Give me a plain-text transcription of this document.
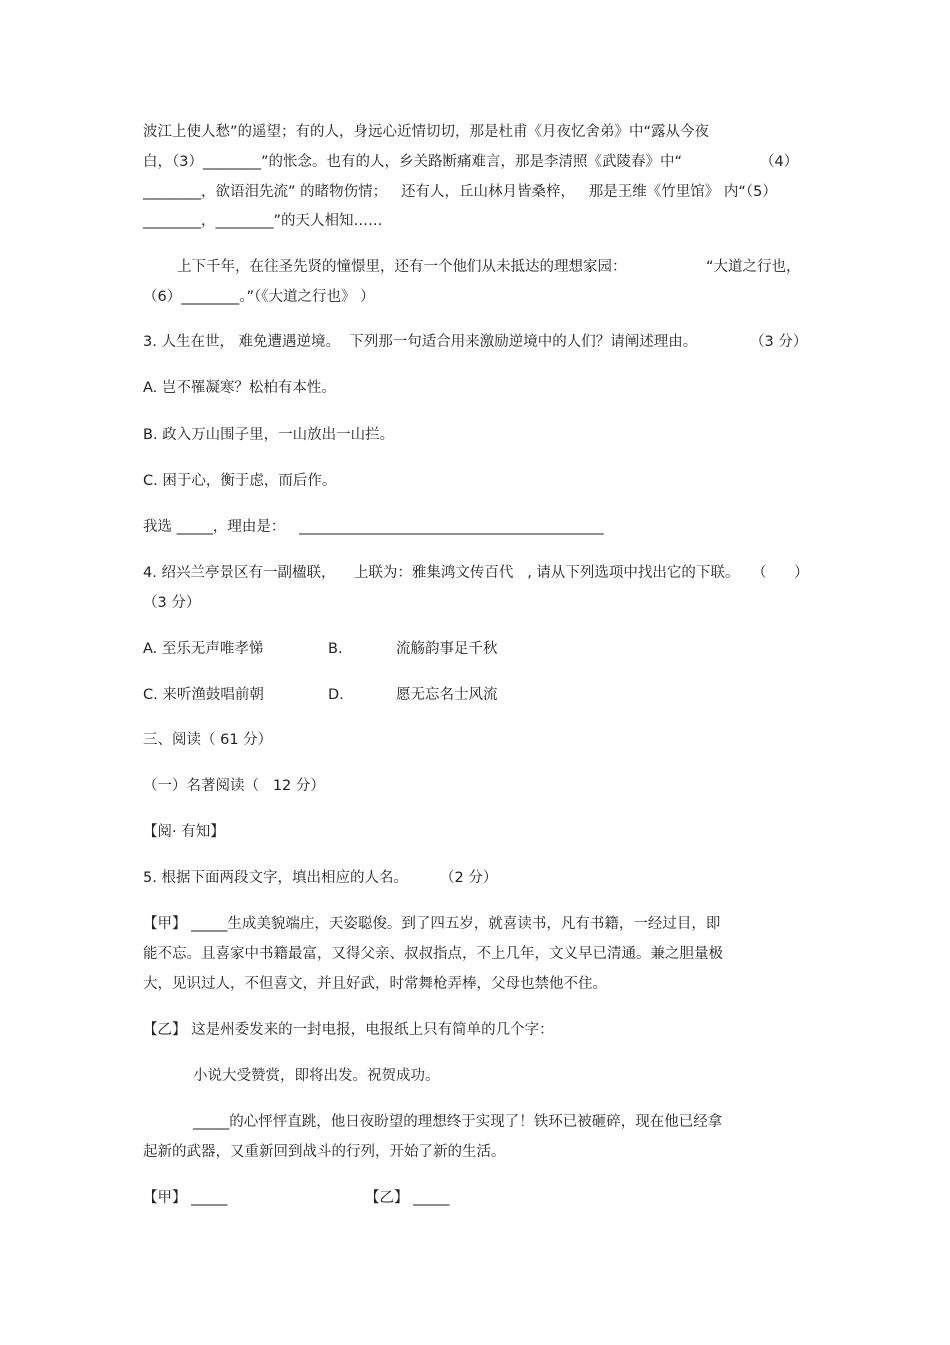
波江上使人愁”的遥望；有的人，身远心近情切切，那是杜甫《月夜忆舍弟》中“露从今夜
白，（3）________”的怅念。也有的人，乡关路断痛难言，那是李清照《武陵春》中“	（4）
________，欲语泪先流” 的睹物伤情；   还有人，丘山林月皆桑梓，   那是王维《竹里馆》 内“（5）
________，________”的天人相知……
上下千年，在往圣先贤的憧憬里，还有一个他们从未抵达的理想家园：	“大道之行也，
（6）________。”（《大道之行也》 ）
3. 人生在世， 难免遭遇逆境。  下列那一句适合用来激励逆境中的人们？请阐述理由。	（3 分）
A. 岂不罹凝寒？松柏有本性。
B. 政入万山围子里，一山放出一山拦。
C. 困于心，衡于虑，而后作。
我选 _____，理由是：   __________________________________________
4. 绍兴兰亭景区有一副楹联，    上联为：雅集鸿文传百代   , 请从下列选项中找出它的下联。 （      ）
（3 分）
A. 至乐无声唯孝悌	B.	流觞韵事足千秋
C. 来听渔鼓唱前朝	D.	愿无忘名士风流
三、阅读（ 61 分）
（一）名著阅读（   12 分）
【阅· 有知】
5. 根据下面两段文字，填出相应的人名。 （2 分）
【甲】 _____生成美貌端庄，天姿聪俊。到了四五岁，就喜读书，凡有书籍，一经过目，即
能不忘。且喜家中书籍最富，又得父亲、叔叔指点，不上几年，文义早已清通。兼之胆量极
大，见识过人，不但喜文，并且好武，时常舞枪弄棒，父母也禁他不住。
【乙】 这是州委发来的一封电报，电报纸上只有简单的几个字：
小说大受赞赏，即将出发。祝贺成功。
_____的心怦怦直跳，他日夜盼望的理想终于实现了！铁环已被砸碎，现在他已经拿
起新的武器，又重新回到战斗的行列，开始了新的生活。
【甲】 _____	【乙】 _____
